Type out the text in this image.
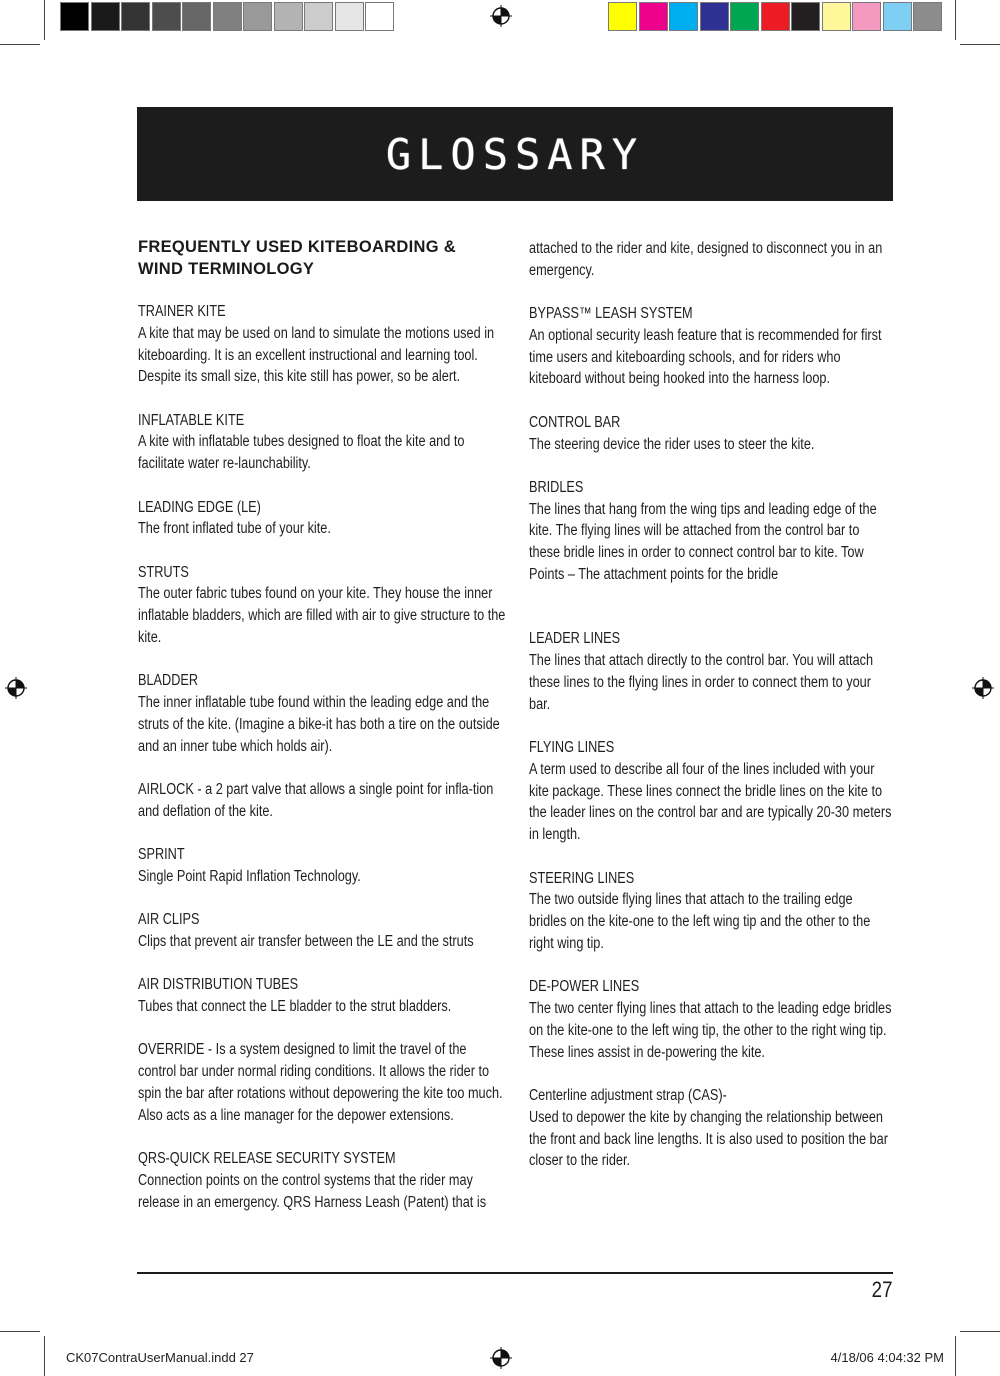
GLOSSARY
FREQUENTLY USED KITEBOARDING & WIND TERMINOLOGY
TRAINER KITE
A kite that may be used on land to simulate the motions used in kiteboarding. It is an excellent instructional and learning tool. Despite its small size, this kite still has power, so be alert.
INFLATABLE KITE
A kite with inflatable tubes designed to float the kite and to facilitate water re-launchability.
LEADING EDGE (LE)
The front inflated tube of your kite.
STRUTS
The outer fabric tubes found on your kite. They house the inner inflatable bladders, which are filled with air to give structure to the kite.
BLADDER
The inner inflatable tube found within the leading edge and the struts of the kite. (Imagine a bike-it has both a tire on the outside and an inner tube which holds air).
AIRLOCK - a 2 part valve that allows a single point for infla-tion and deflation of the kite.
SPRINT
Single Point Rapid Inflation Technology.
AIR CLIPS
Clips that prevent air transfer between the LE and the struts
AIR DISTRIBUTION TUBES
Tubes that connect the LE bladder to the strut bladders.
OVERRIDE - Is a system designed to limit the travel of the control bar under normal riding conditions. It allows the rider to spin the bar after rotations without depowering the kite too much. Also acts as a line manager for the depower extensions.
QRS-QUICK RELEASE SECURITY SYSTEM
Connection points on the control systems that the rider may release in an emergency. QRS Harness Leash (Patent) that is
attached to the rider and kite, designed to disconnect you in an emergency.
BYPASS™ LEASH SYSTEM
An optional security leash feature that is recommended for first time users and kiteboarding schools, and for riders who kiteboard without being hooked into the harness loop.
CONTROL BAR
The steering device the rider uses to steer the kite.
BRIDLES
The lines that hang from the wing tips and leading edge of the kite. The flying lines will be attached from the control bar to these bridle lines in order to connect control bar to kite. Tow Points – The attachment points for the bridle
LEADER LINES
The lines that attach directly to the control bar. You will attach these lines to the flying lines in order to connect them to your bar.
FLYING LINES
A term used to describe all four of the lines included with your kite package. These lines connect the bridle lines on the kite to the leader lines on the control bar and are typically 20-30 meters in length.
STEERING LINES
The two outside flying lines that attach to the trailing edge bridles on the kite-one to the left wing tip and the other to the right wing tip.
DE-POWER LINES
The two center flying lines that attach to the leading edge bridles on the kite-one to the left wing tip, the other to the right wing tip. These lines assist in de-powering the kite.
Centerline adjustment strap (CAS)-
Used to depower the kite by changing the relationship between the front and back line lengths. It is also used to position the bar closer to the rider.
27
CK07ContraUserManual.indd 27	4/18/06 4:04:32 PM
